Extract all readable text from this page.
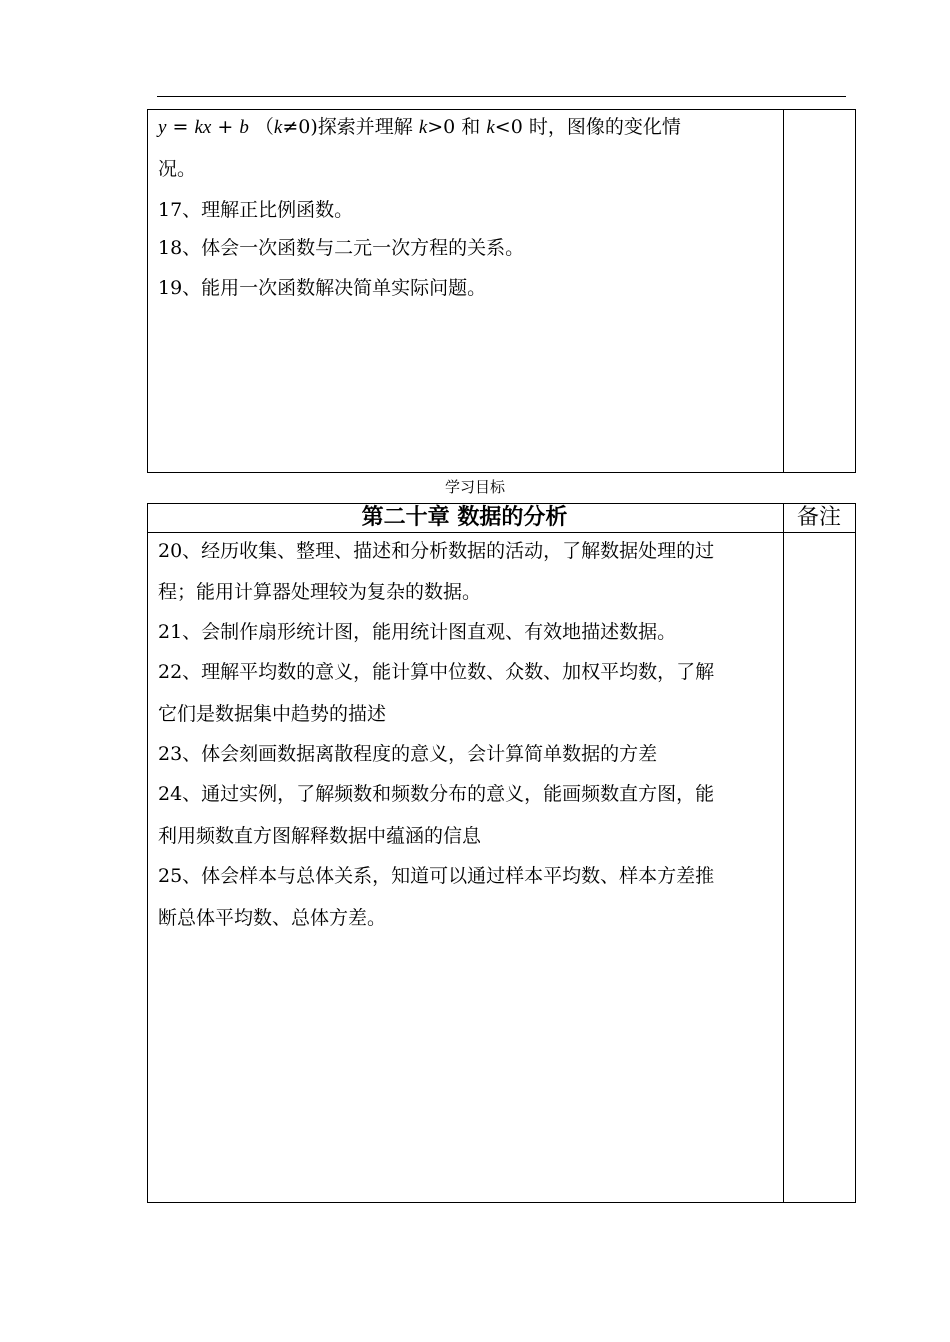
y = kx + b （k≠0)探索并理解 k>0 和 k<0 时，图像的变化情
况。
17、理解正比例函数。
18、体会一次函数与二元一次方程的关系。
19、能用一次函数解决简单实际问题。
学习目标
20、经历收集、整理、描述和分析数据的活动，了解数据处理的过
程；能用计算器处理较为复杂的数据。
21、会制作扇形统计图，能用统计图直观、有效地描述数据。
22、理解平均数的意义，能计算中位数、众数、加权平均数，了解
它们是数据集中趋势的描述
23、体会刻画数据离散程度的意义，会计算简单数据的方差
24、通过实例，了解频数和频数分布的意义，能画频数直方图，能
利用频数直方图解释数据中蕴涵的信息
25、体会样本与总体关系，知道可以通过样本平均数、样本方差推
断总体平均数、总体方差。
第二十章 数据的分析	备注
